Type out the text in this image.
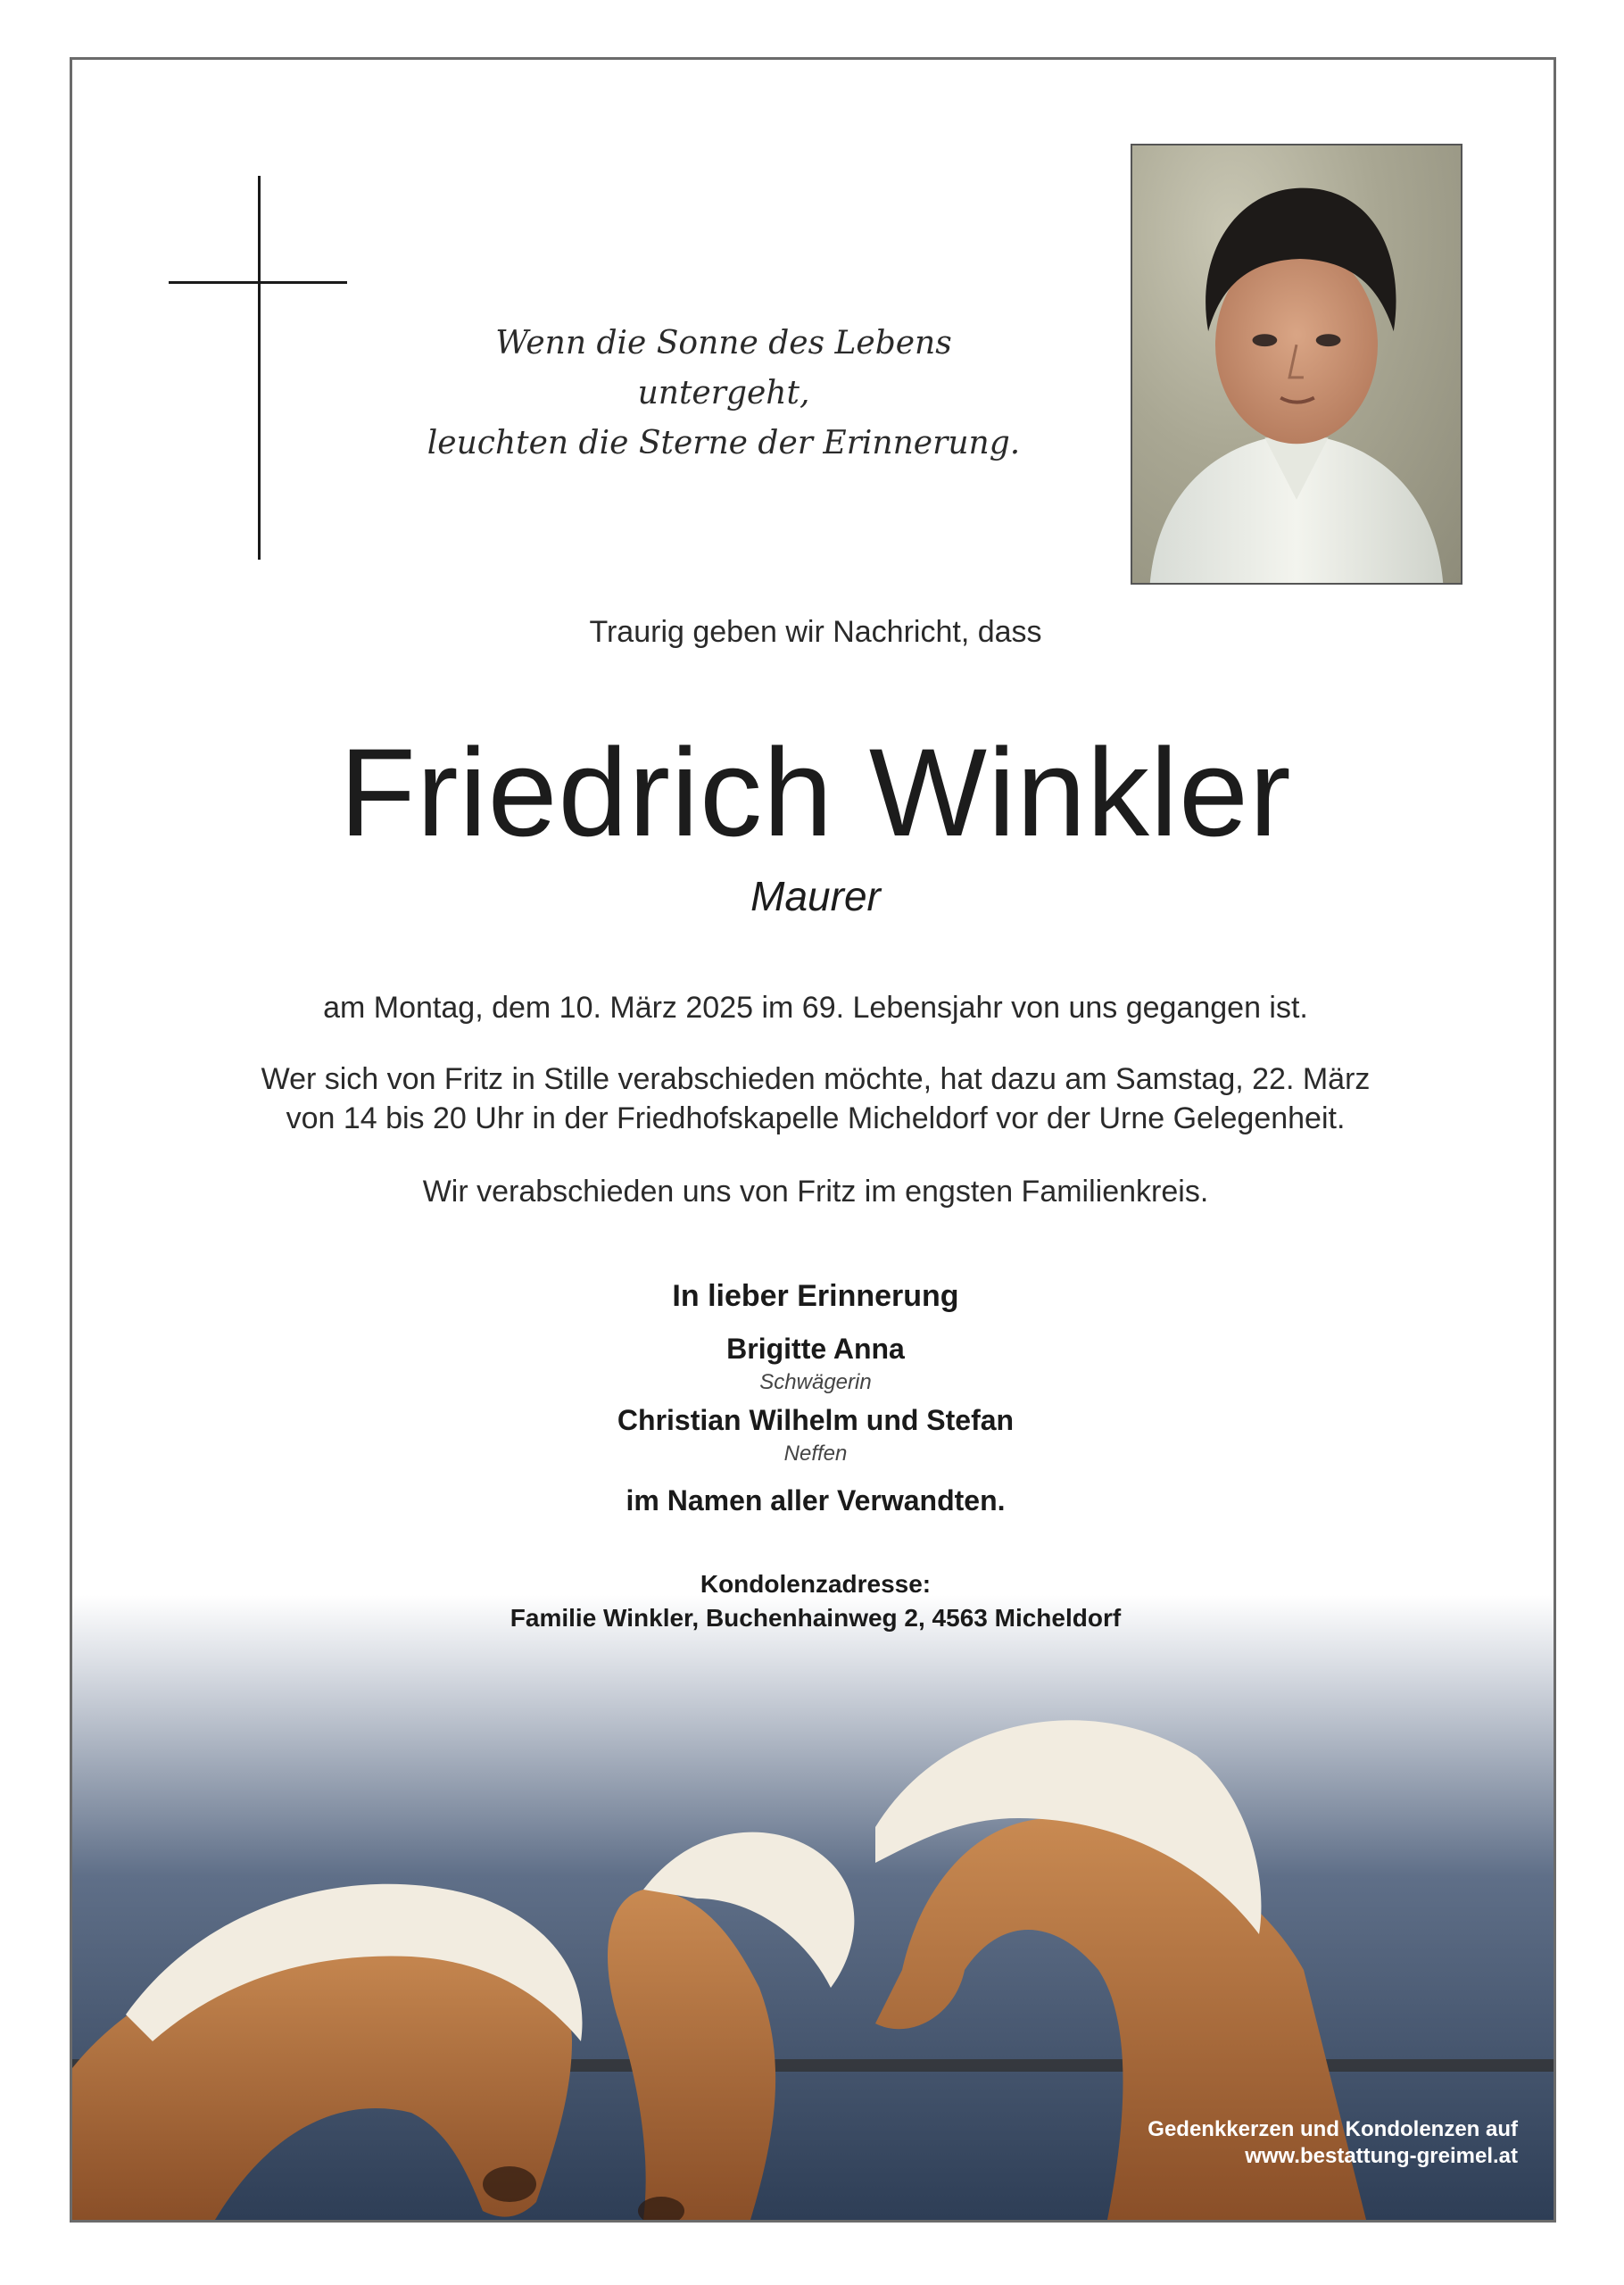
Wenn die Sonne des Lebens untergeht,
leuchten die Sterne der Erinnerung.
Traurig geben wir Nachricht, dass
Friedrich Winkler
Maurer
am Montag, dem 10. März 2025 im 69. Lebensjahr von uns gegangen ist.
Wer sich von Fritz in Stille verabschieden möchte, hat dazu am Samstag, 22. März
von 14 bis 20 Uhr in der Friedhofskapelle Micheldorf vor der Urne Gelegenheit.
Wir verabschieden uns von Fritz im engsten Familienkreis.
In lieber Erinnerung
Brigitte Anna
Schwägerin
Christian Wilhelm und Stefan
Neffen
im Namen aller Verwandten.
Kondolenzadresse:
Familie Winkler, Buchenhainweg 2, 4563 Micheldorf
Gedenkkerzen und Kondolenzen auf
www.bestattung-greimel.at
